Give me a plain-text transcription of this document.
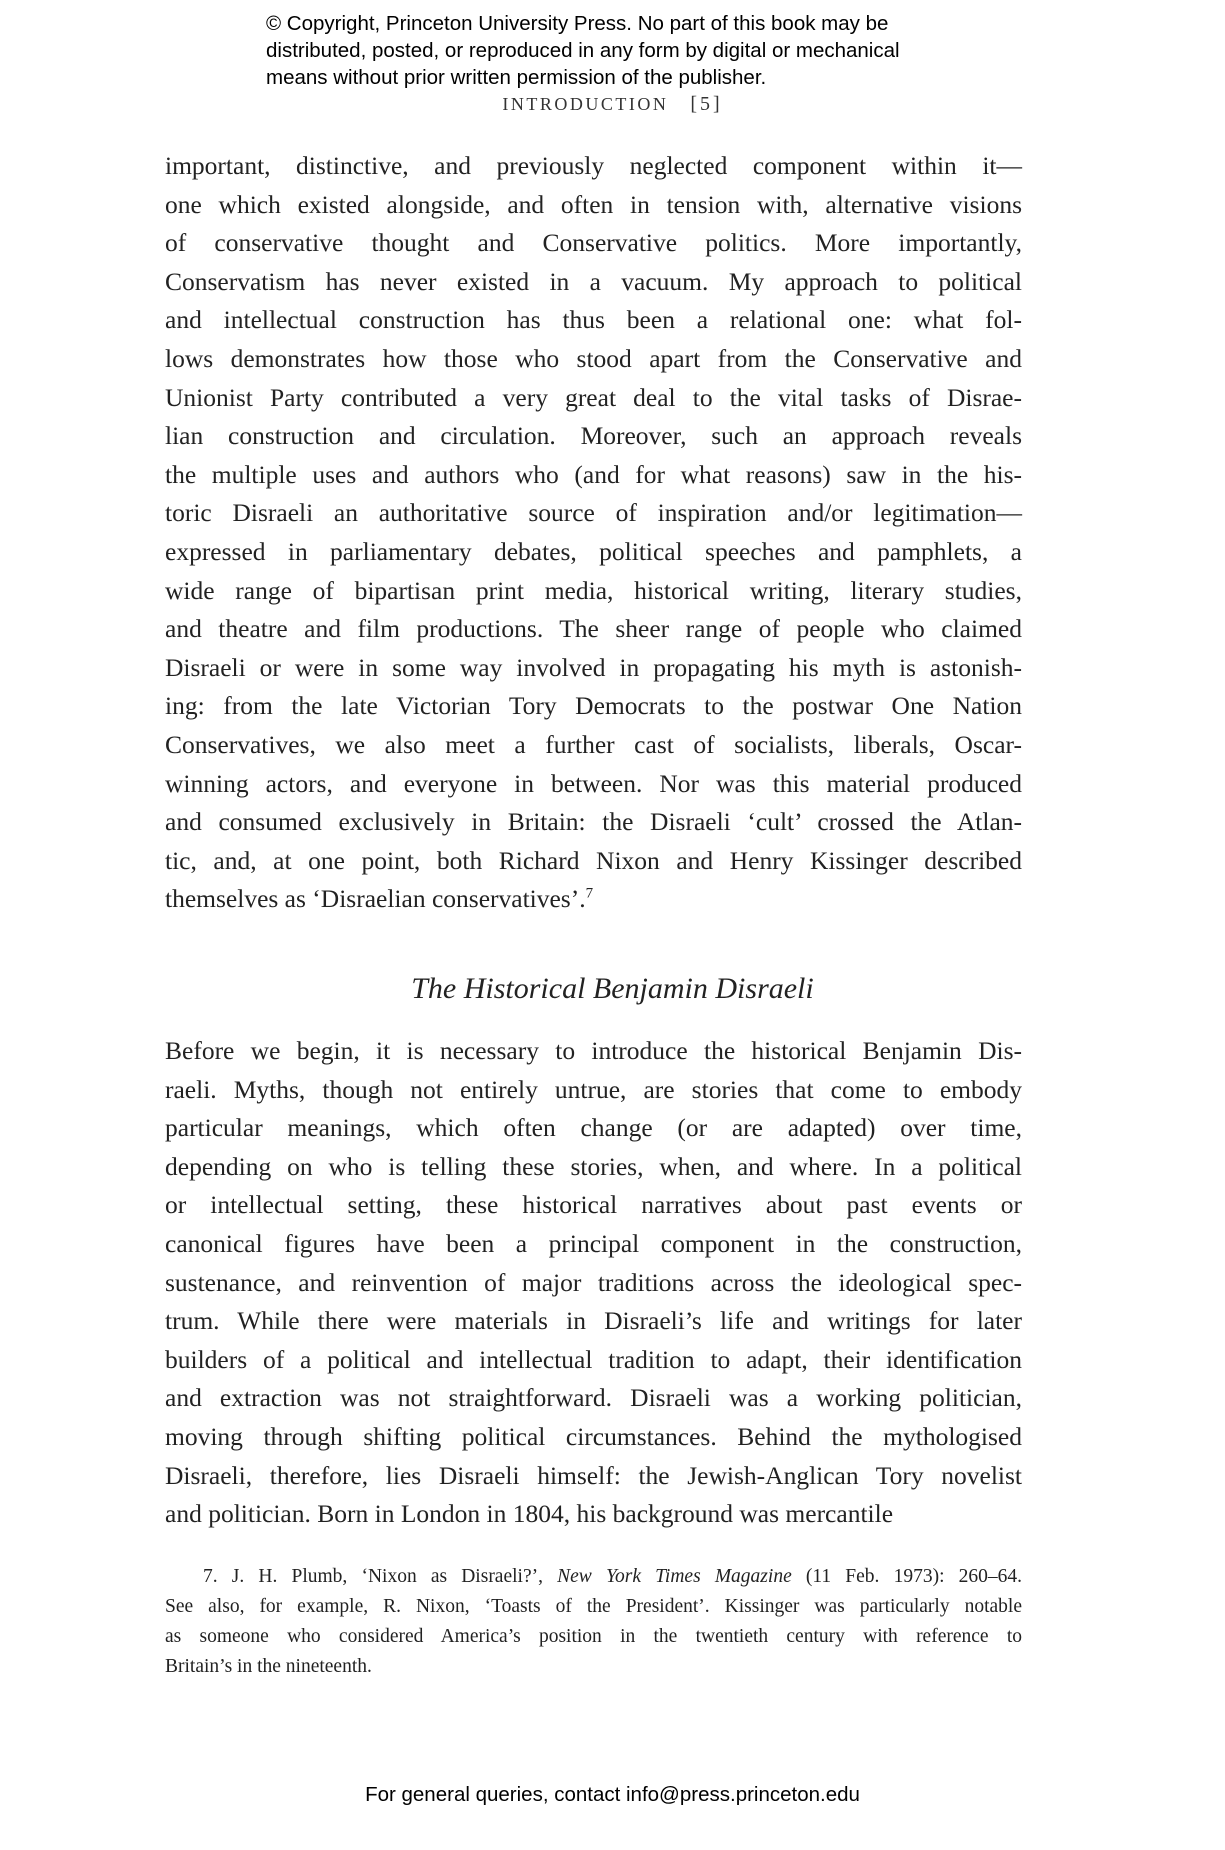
© Copyright, Princeton University Press. No part of this book may be
distributed, posted, or reproduced in any form by digital or mechanical
means without prior written permission of the publisher.
INTRODUCTION [5]
important, distinctive, and previously neglected component within it—
one which existed alongside, and often in tension with, alternative visions
of conservative thought and Conservative politics. More importantly,
Conservatism has never existed in a vacuum. My approach to political
and intellectual construction has thus been a relational one: what fol-
lows demonstrates how those who stood apart from the Conservative and
Unionist Party contributed a very great deal to the vital tasks of Disrae-
lian construction and circulation. Moreover, such an approach reveals
the multiple uses and authors who (and for what reasons) saw in the his-
toric Disraeli an authoritative source of inspiration and/or legitimation—
expressed in parliamentary debates, political speeches and pamphlets, a
wide range of bipartisan print media, historical writing, literary studies,
and theatre and film productions. The sheer range of people who claimed
Disraeli or were in some way involved in propagating his myth is astonish-
ing: from the late Victorian Tory Democrats to the postwar One Nation
Conservatives, we also meet a further cast of socialists, liberals, Oscar-
winning actors, and everyone in between. Nor was this material produced
and consumed exclusively in Britain: the Disraeli ‘cult’ crossed the Atlan-
tic, and, at one point, both Richard Nixon and Henry Kissinger described
themselves as ‘Disraelian conservatives’.$^7$
The Historical Benjamin Disraeli
Before we begin, it is necessary to introduce the historical Benjamin Dis-
raeli. Myths, though not entirely untrue, are stories that come to embody
particular meanings, which often change (or are adapted) over time,
depending on who is telling these stories, when, and where. In a political
or intellectual setting, these historical narratives about past events or
canonical figures have been a principal component in the construction,
sustenance, and reinvention of major traditions across the ideological spec-
trum. While there were materials in Disraeli’s life and writings for later
builders of a political and intellectual tradition to adapt, their identification
and extraction was not straightforward. Disraeli was a working politician,
moving through shifting political circumstances. Behind the mythologised
Disraeli, therefore, lies Disraeli himself: the Jewish-Anglican Tory novelist
and politician. Born in London in 1804, his background was mercantile
7. J. H. Plumb, ‘Nixon as Disraeli?’, New York Times Magazine (11 Feb. 1973): 260–64.
See also, for example, R. Nixon, ‘Toasts of the President’. Kissinger was particularly notable
as someone who considered America’s position in the twentieth century with reference to
Britain’s in the nineteenth.
For general queries, contact info@press.princeton.edu
